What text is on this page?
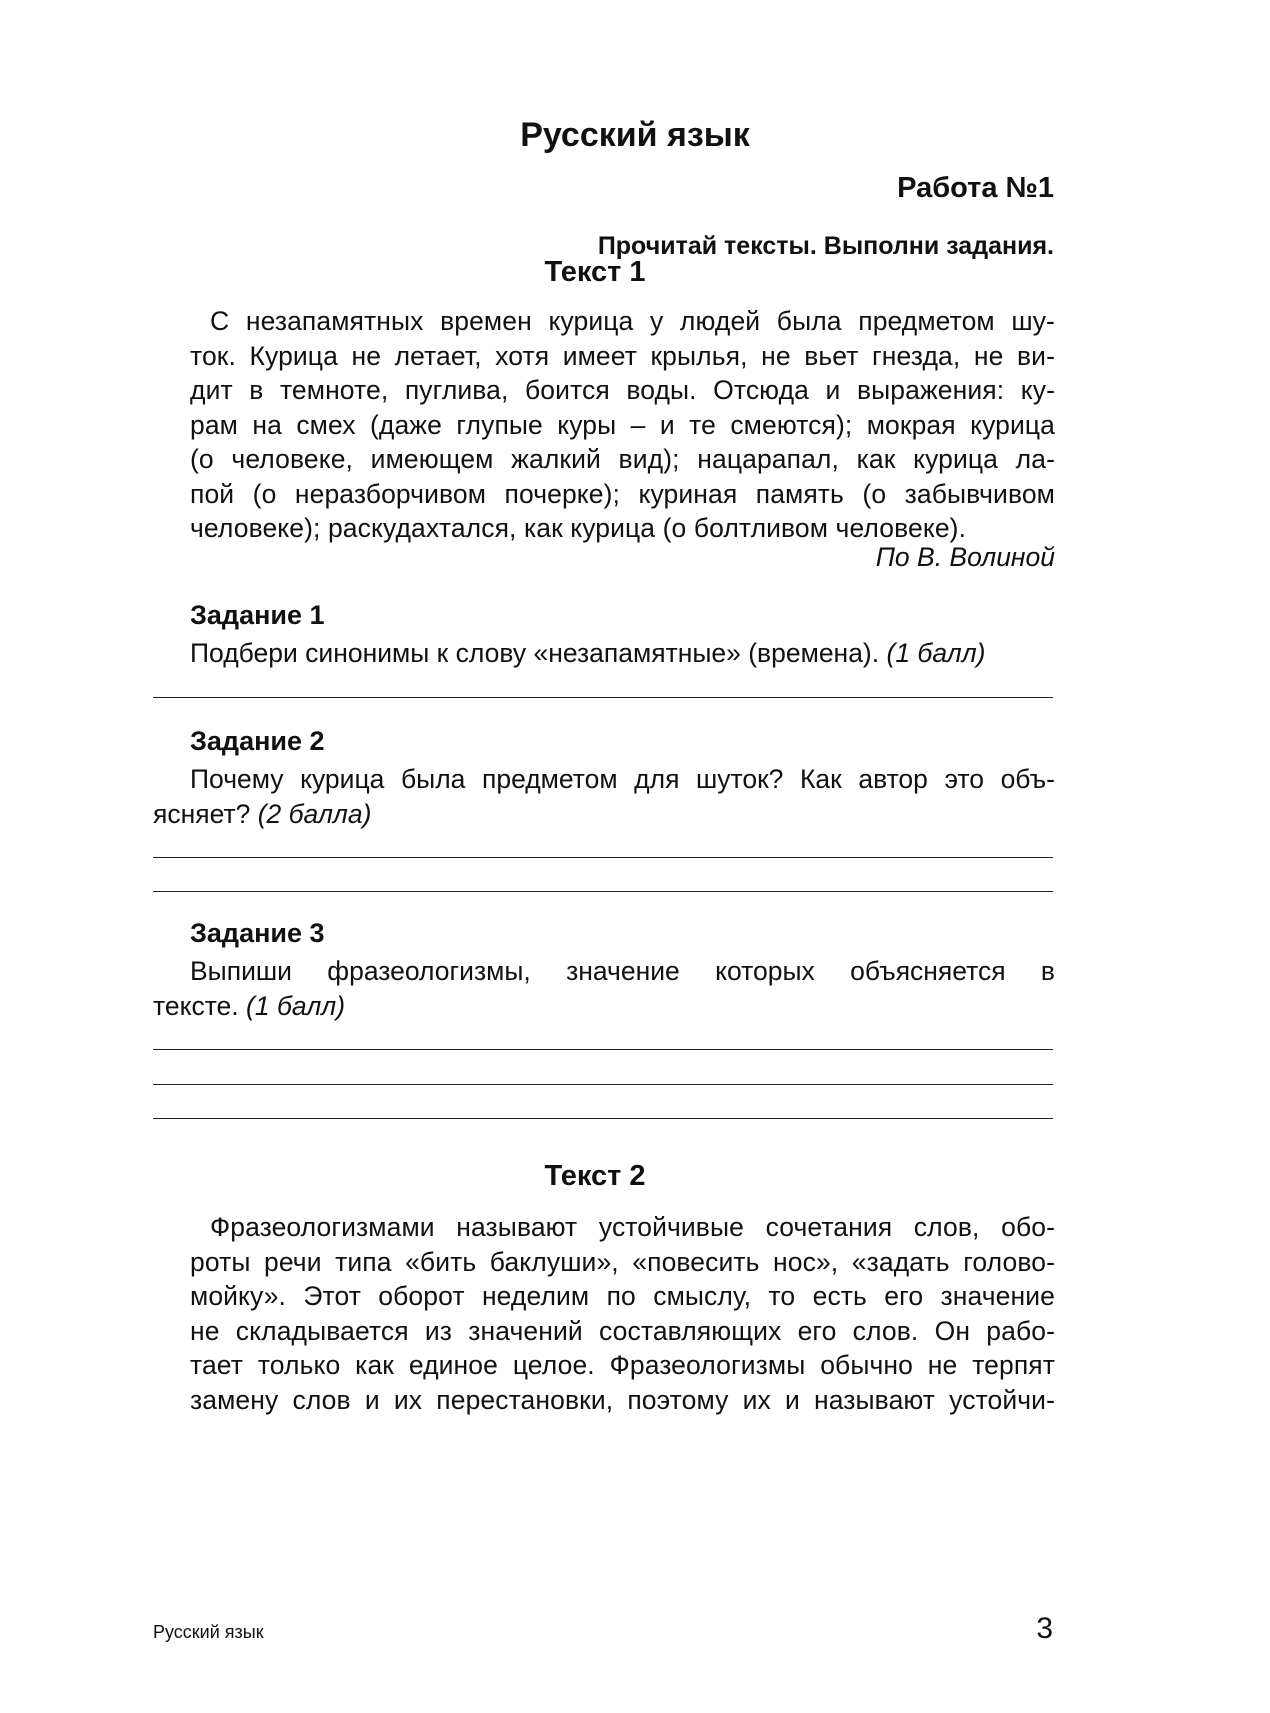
Русский язык
Работа №1
Прочитай тексты. Выполни задания.
Текст 1
С незапамятных времен курица у людей была предметом шу-
ток. Курица не летает, хотя имеет крылья, не вьет гнезда, не ви-
дит в темноте, пуглива, боится воды. Отсюда и выражения: ку-
рам на смех (даже глупые куры – и те смеются); мокрая курица
(о человеке, имеющем жалкий вид); нацарапал, как курица ла-
пой (о неразборчивом почерке); куриная память (о забывчивом
человеке); раскудахтался, как курица (о болтливом человеке).
По В. Волиной
Задание 1
Подбери синонимы к слову «незапамятные» (времена). (1 балл)
Задание 2
Почему курица была предметом для шуток? Как автор это объ-
ясняет? (2 балла)
Задание 3
Выпиши фразеологизмы, значение которых объясняется в
тексте. (1 балл)
Текст 2
Фразеологизмами называют устойчивые сочетания слов, обо-
роты речи типа «бить баклуши», «повесить нос», «задать голово-
мойку». Этот оборот неделим по смыслу, то есть его значение
не складывается из значений составляющих его слов. Он рабо-
тает только как единое целое. Фразеологизмы обычно не терпят
замену слов и их перестановки, поэтому их и называют устойчи-
Русский язык	3
